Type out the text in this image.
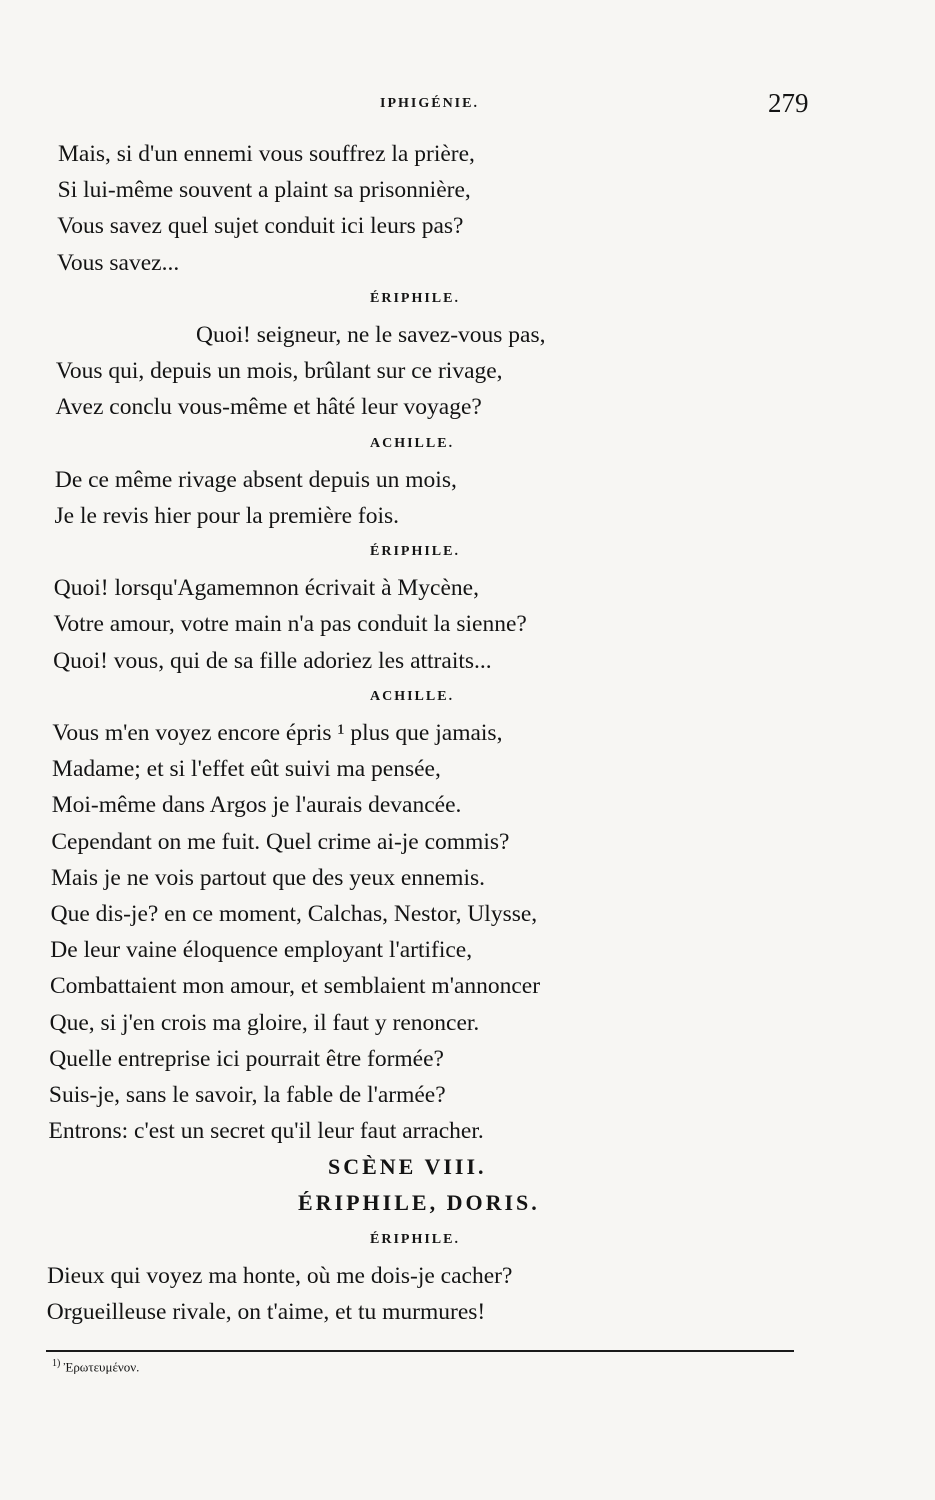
IPHIGÉNIE.	279
Mais, si d'un ennemi vous souffrez la prière,
Si lui-même souvent a plaint sa prisonnière,
Vous savez quel sujet conduit ici leurs pas?
Vous savez...
ÉRIPHILE.
Quoi! seigneur, ne le savez-vous pas,
Vous qui, depuis un mois, brûlant sur ce rivage,
Avez conclu vous-même et hâté leur voyage?
ACHILLE.
De ce même rivage absent depuis un mois,
Je le revis hier pour la première fois.
ÉRIPHILE.
Quoi! lorsqu'Agamemnon écrivait à Mycène,
Votre amour, votre main n'a pas conduit la sienne?
Quoi! vous, qui de sa fille adoriez les attraits...
ACHILLE.
Vous m'en voyez encore épris ¹ plus que jamais,
Madame; et si l'effet eût suivi ma pensée,
Moi-même dans Argos je l'aurais devancée.
Cependant on me fuit. Quel crime ai-je commis?
Mais je ne vois partout que des yeux ennemis.
Que dis-je? en ce moment, Calchas, Nestor, Ulysse,
De leur vaine éloquence employant l'artifice,
Combattaient mon amour, et semblaient m'annoncer
Que, si j'en crois ma gloire, il faut y renoncer.
Quelle entreprise ici pourrait être formée?
Suis-je, sans le savoir, la fable de l'armée?
Entrons: c'est un secret qu'il leur faut arracher.
SCÈNE VIII.
ÉRIPHILE, DORIS.
ÉRIPHILE.
Dieux qui voyez ma honte, où me dois-je cacher?
Orgueilleuse rivale, on t'aime, et tu murmures!
$^{1)}$ Ἐρωτευμένον.
